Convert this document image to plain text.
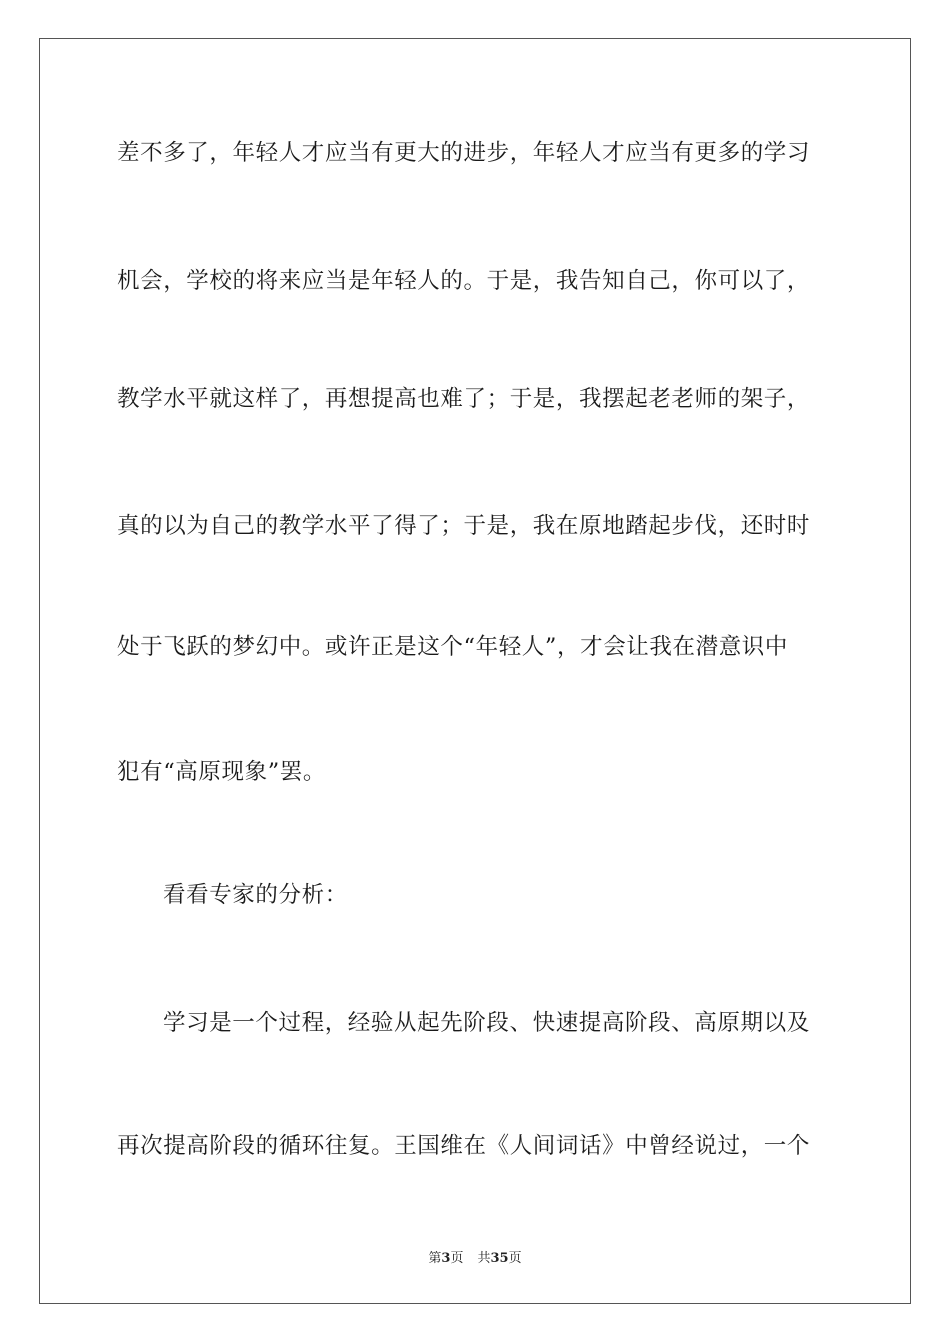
差不多了，年轻人才应当有更大的进步，年轻人才应当有更多的学习
机会，学校的将来应当是年轻人的。于是，我告知自己，你可以了，
教学水平就这样了，再想提高也难了；于是，我摆起老老师的架子，
真的以为自己的教学水平了得了；于是，我在原地踏起步伐，还时时
处于飞跃的梦幻中。或许正是这个“年轻人”，才会让我在潜意识中
犯有“高原现象”罢。
看看专家的分析：
学习是一个过程，经验从起先阶段、快速提高阶段、高原期以及
再次提高阶段的循环往复。王国维在《人间词话》中曾经说过，一个
第3页 共35页
